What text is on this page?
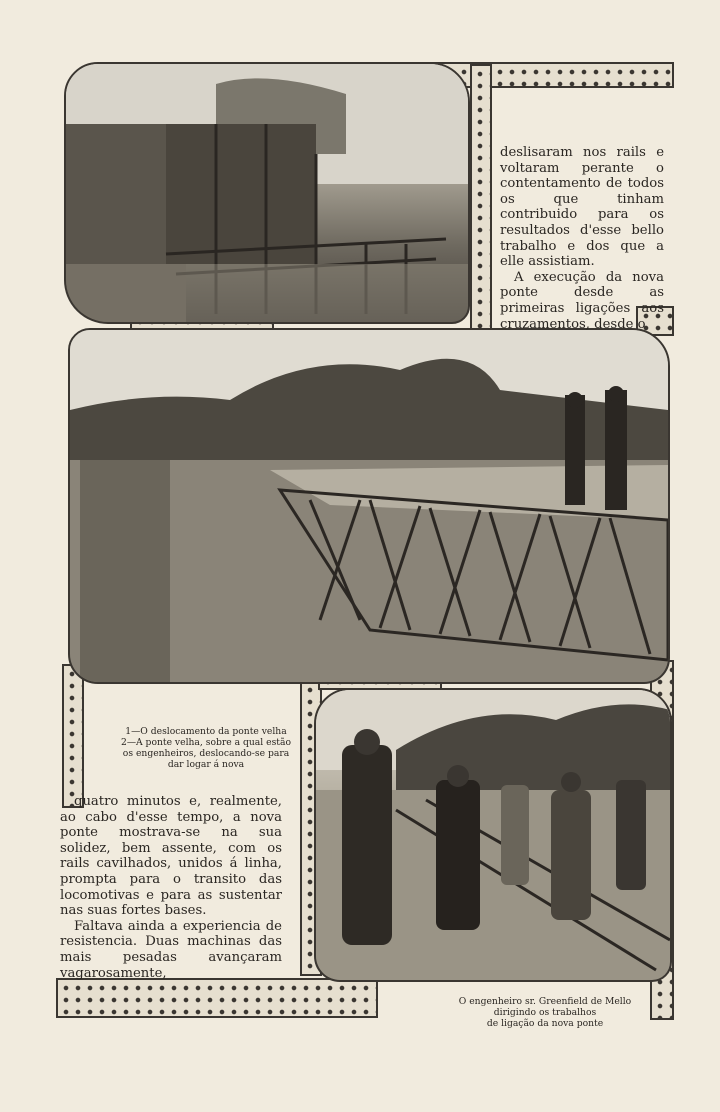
deslisaram nos rails e voltaram perante o contentamento de todos os que tinham contribuido para os resultados d'esse bello trabalho e dos que a elle assistiam.

A execução da nova ponte desde as primeiras ligações aos cruzamentos, desde o

1—O deslocamento da ponte velha
2—A ponte velha, sobre a qual estão os engenheiros, deslocando-se para dar logar á nova

quatro minutos e, realmente, ao cabo d'esse tempo, a nova ponte mostrava-se na sua solidez, bem assente, com os rails cavilhados, unidos á linha, prompta para o transito das locomotivas e para as sustentar nas suas fortes bases.

Faltava ainda a experiencia de resistencia. Duas machinas das mais pesadas avançaram vagarosamente,

O engenheiro sr. Greenfield de Mello
dirigindo os trabalhos
de ligação da nova ponte
